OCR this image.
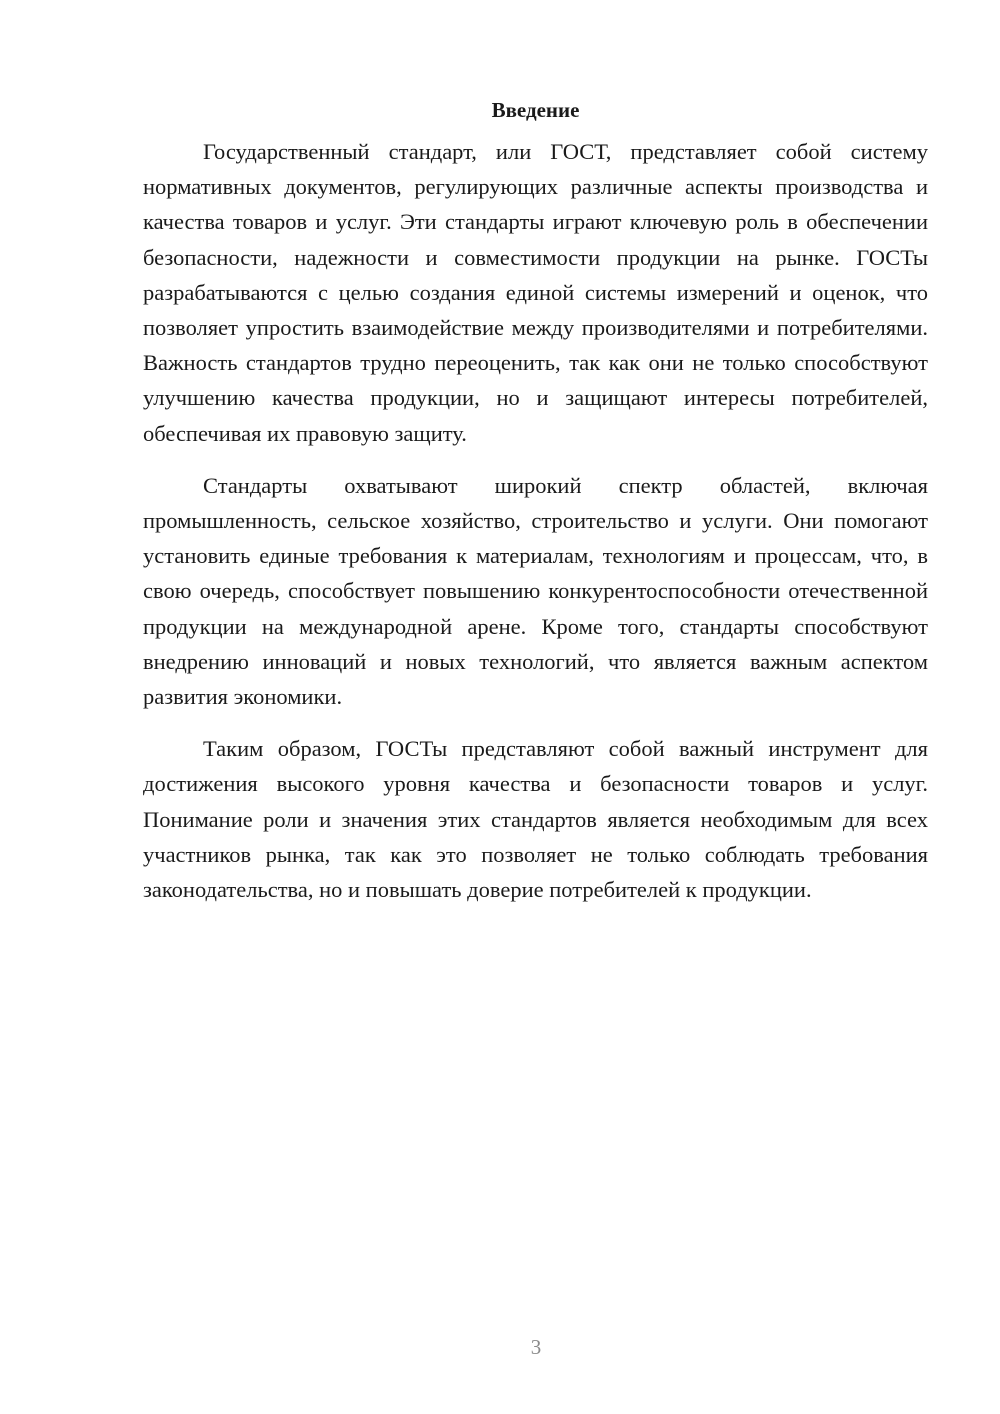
Введение

Государственный стандарт, или ГОСТ, представляет собой систему нормативных документов, регулирующих различные аспекты производства и качества товаров и услуг. Эти стандарты играют ключевую роль в обеспечении безопасности, надежности и совместимости продукции на рынке. ГОСТы разрабатываются с целью создания единой системы измерений и оценок, что позволяет упростить взаимодействие между производителями и потребителями. Важность стандартов трудно переоценить, так как они не только способствуют улучшению качества продукции, но и защищают интересы потребителей, обеспечивая их правовую защиту.

Стандарты охватывают широкий спектр областей, включая промышленность, сельское хозяйство, строительство и услуги. Они помогают установить единые требования к материалам, технологиям и процессам, что, в свою очередь, способствует повышению конкурентоспособности отечественной продукции на международной арене. Кроме того, стандарты способствуют внедрению инноваций и новых технологий, что является важным аспектом развития экономики.

Таким образом, ГОСТы представляют собой важный инструмент для достижения высокого уровня качества и безопасности товаров и услуг. Понимание роли и значения этих стандартов является необходимым для всех участников рынка, так как это позволяет не только соблюдать требования законодательства, но и повышать доверие потребителей к продукции.

3
